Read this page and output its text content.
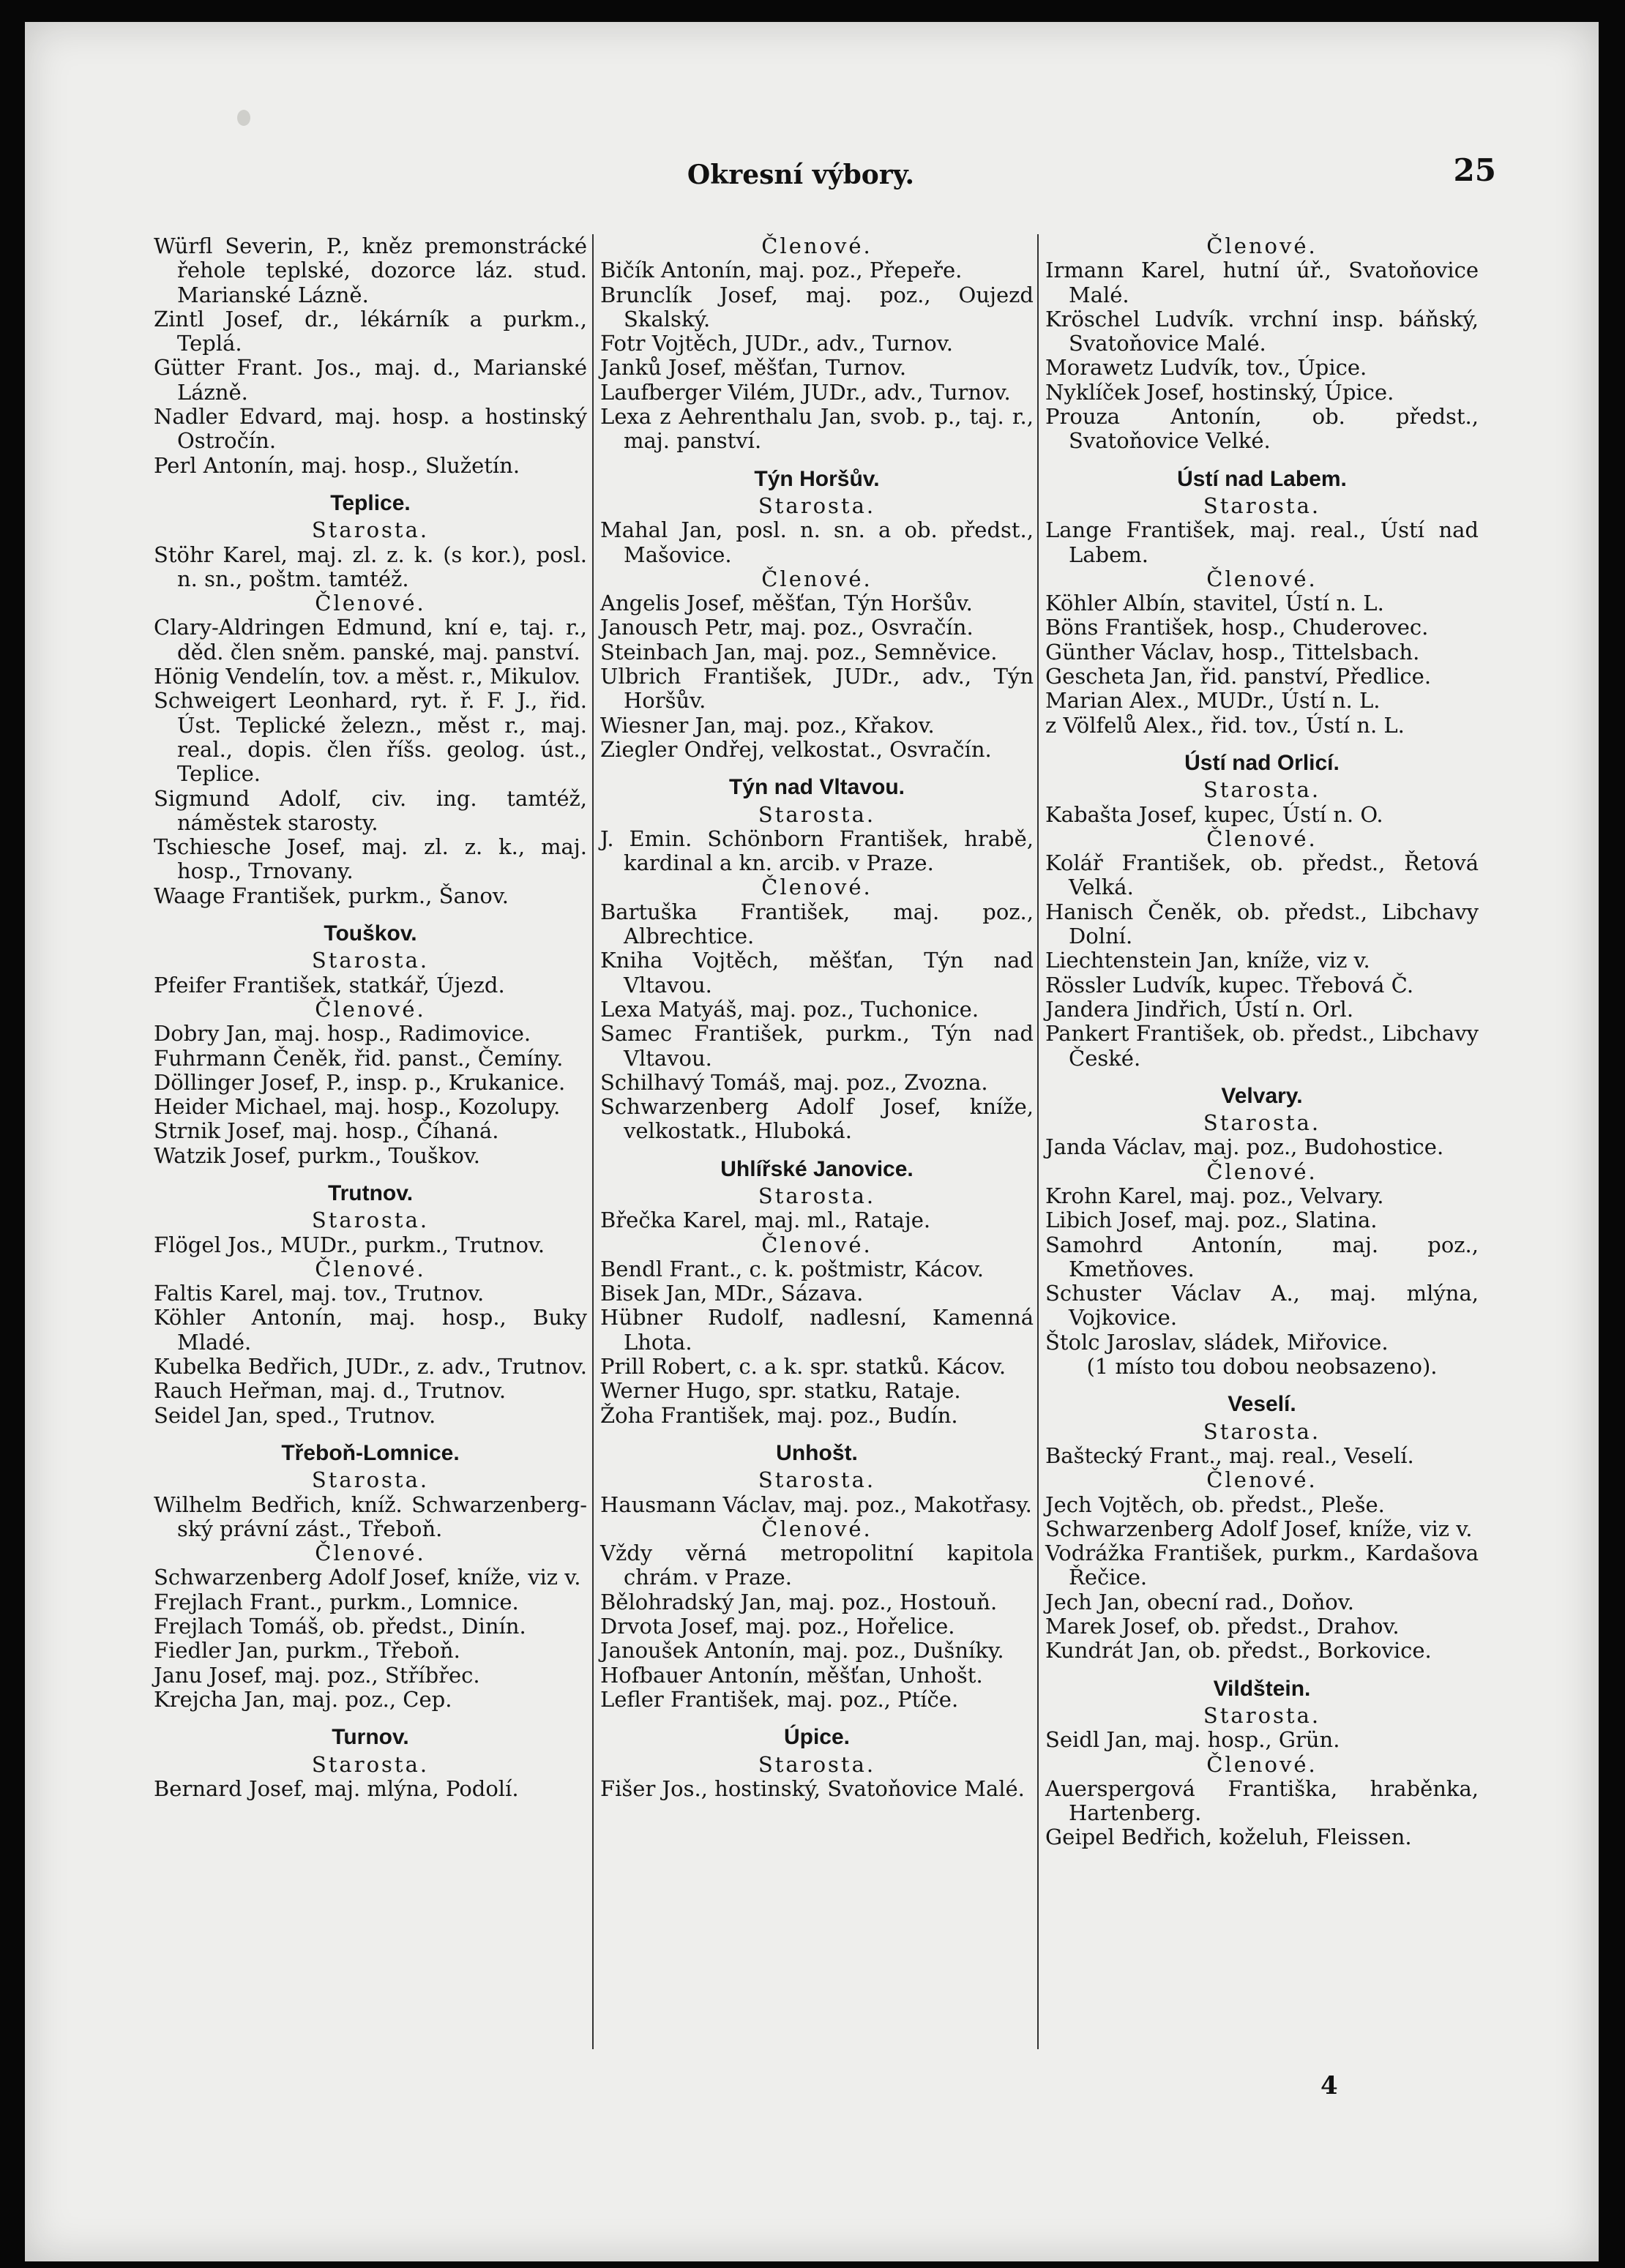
Okresní výbory.	25

Würfl Severin, P., kněz premonstrácké řehole teplské, dozorce láz. stud. Marianské Lázně.

Zintl Josef, dr., lékárník a purkm., Teplá.

Gütter Frant. Jos., maj. d., Marianské Lázně.

Nadler Edvard, maj. hosp. a hostinský Ostročín.

Perl Antonín, maj. hosp., Služetín.

Teplice.

Starosta.

Stöhr Karel, maj. zl. z. k. (s kor.), posl. n. sn., poštm. tamtéž.

Členové.

Clary-Aldringen Edmund, kní e, taj. r., děd. člen sněm. panské, maj. panství.

Hönig Vendelín, tov. a měst. r., Mikulov.

Schweigert Leonhard, ryt. ř. F. J., řid. Úst. Teplické železn., měst r., maj. real., dopis. člen říšs. geolog. úst., Teplice.

Sigmund Adolf, civ. ing. tamtéž, náměstek starosty.

Tschiesche Josef, maj. zl. z. k., maj. hosp., Trnovany.

Waage František, purkm., Šanov.

Touškov.

Starosta.

Pfeifer František, statkář, Újezd.

Členové.

Dobry Jan, maj. hosp., Radimovice.

Fuhrmann Čeněk, řid. panst., Čemíny.

Döllinger Josef, P., insp. p., Krukanice.

Heider Michael, maj. hosp., Kozolupy.

Strnik Josef, maj. hosp., Číhaná.

Watzik Josef, purkm., Touškov.

Trutnov.

Starosta.

Flögel Jos., MUDr., purkm., Trutnov.

Členové.

Faltis Karel, maj. tov., Trutnov.

Köhler Antonín, maj. hosp., Buky Mladé.

Kubelka Bedřich, JUDr., z. adv., Trutnov.

Rauch Heřman, maj. d., Trutnov.

Seidel Jan, sped., Trutnov.

Třeboň-Lomnice.

Starosta.

Wilhelm Bedřich, kníž. Schwarzenberg-ský právní zást., Třeboň.

Členové.

Schwarzenberg Adolf Josef, kníže, viz v.

Frejlach Frant., purkm., Lomnice.

Frejlach Tomáš, ob. předst., Dinín.

Fiedler Jan, purkm., Třeboň.

Janu Josef, maj. poz., Stříbřec.

Krejcha Jan, maj. poz., Cep.

Turnov.

Starosta.

Bernard Josef, maj. mlýna, Podolí.

Členové.

Bičík Antonín, maj. poz., Přepeře.

Brunclík Josef, maj. poz., Oujezd Skalský.

Fotr Vojtěch, JUDr., adv., Turnov.

Janků Josef, měšťan, Turnov.

Laufberger Vilém, JUDr., adv., Turnov.

Lexa z Aehrenthalu Jan, svob. p., taj. r., maj. panství.

Týn Horšův.

Starosta.

Mahal Jan, posl. n. sn. a ob. předst., Mašovice.

Členové.

Angelis Josef, měšťan, Týn Horšův.

Janousch Petr, maj. poz., Osvračín.

Steinbach Jan, maj. poz., Semněvice.

Ulbrich František, JUDr., adv., Týn Horšův.

Wiesner Jan, maj. poz., Křakov.

Ziegler Ondřej, velkostat., Osvračín.

Týn nad Vltavou.

Starosta.

J. Emin. Schönborn František, hrabě, kardinal a kn. arcib. v Praze.

Členové.

Bartuška František, maj. poz., Albrechtice.

Kniha Vojtěch, měšťan, Týn nad Vltavou.

Lexa Matyáš, maj. poz., Tuchonice.

Samec František, purkm., Týn nad Vltavou.

Schilhavý Tomáš, maj. poz., Zvozna.

Schwarzenberg Adolf Josef, kníže, velkostatk., Hluboká.

Uhlířské Janovice.

Starosta.

Břečka Karel, maj. ml., Rataje.

Členové.

Bendl Frant., c. k. poštmistr, Kácov.

Bisek Jan, MDr., Sázava.

Hübner Rudolf, nadlesní, Kamenná Lhota.

Prill Robert, c. a k. spr. statků. Kácov.

Werner Hugo, spr. statku, Rataje.

Žoha František, maj. poz., Budín.

Unhošt.

Starosta.

Hausmann Václav, maj. poz., Makotřasy.

Členové.

Vždy věrná metropolitní kapitola chrám. v Praze.

Bělohradský Jan, maj. poz., Hostouň.

Drvota Josef, maj. poz., Hořelice.

Janoušek Antonín, maj. poz., Dušníky.

Hofbauer Antonín, měšťan, Unhošt.

Lefler František, maj. poz., Ptíče.

Úpice.

Starosta.

Fišer Jos., hostinský, Svatoňovice Malé.

Členové.

Irmann Karel, hutní úř., Svatoňovice Malé.

Kröschel Ludvík. vrchní insp. báňský, Svatoňovice Malé.

Morawetz Ludvík, tov., Úpice.

Nyklíček Josef, hostinský, Úpice.

Prouza Antonín, ob. předst., Svatoňovice Velké.

Ústí nad Labem.

Starosta.

Lange František, maj. real., Ústí nad Labem.

Členové.

Köhler Albín, stavitel, Ústí n. L.

Böns František, hosp., Chuderovec.

Günther Václav, hosp., Tittelsbach.

Gescheta Jan, řid. panství, Předlice.

Marian Alex., MUDr., Ústí n. L.

z Völfelů Alex., řid. tov., Ústí n. L.

Ústí nad Orlicí.

Starosta.

Kabašta Josef, kupec, Ústí n. O.

Členové.

Kolář František, ob. předst., Řetová Velká.

Hanisch Čeněk, ob. předst., Libchavy Dolní.

Liechtenstein Jan, kníže, viz v.

Rössler Ludvík, kupec. Třebová Č.

Jandera Jindřich, Ústí n. Orl.

Pankert František, ob. předst., Libchavy České.

Velvary.

Starosta.

Janda Václav, maj. poz., Budohostice.

Členové.

Krohn Karel, maj. poz., Velvary.

Libich Josef, maj. poz., Slatina.

Samohrd Antonín, maj. poz., Kmetňoves.

Schuster Václav A., maj. mlýna, Vojkovice.

Štolc Jaroslav, sládek, Miřovice.

(1 místo tou dobou neobsazeno).

Veselí.

Starosta.

Baštecký Frant., maj. real., Veselí.

Členové.

Jech Vojtěch, ob. předst., Pleše.

Schwarzenberg Adolf Josef, kníže, viz v.

Vodrážka František, purkm., Kardašova Řečice.

Jech Jan, obecní rad., Doňov.

Marek Josef, ob. předst., Drahov.

Kundrát Jan, ob. předst., Borkovice.

Vildštein.

Starosta.

Seidl Jan, maj. hosp., Grün.

Členové.

Auerspergová Františka, hraběnka, Hartenberg.

Geipel Bedřich, koželuh, Fleissen.

4
